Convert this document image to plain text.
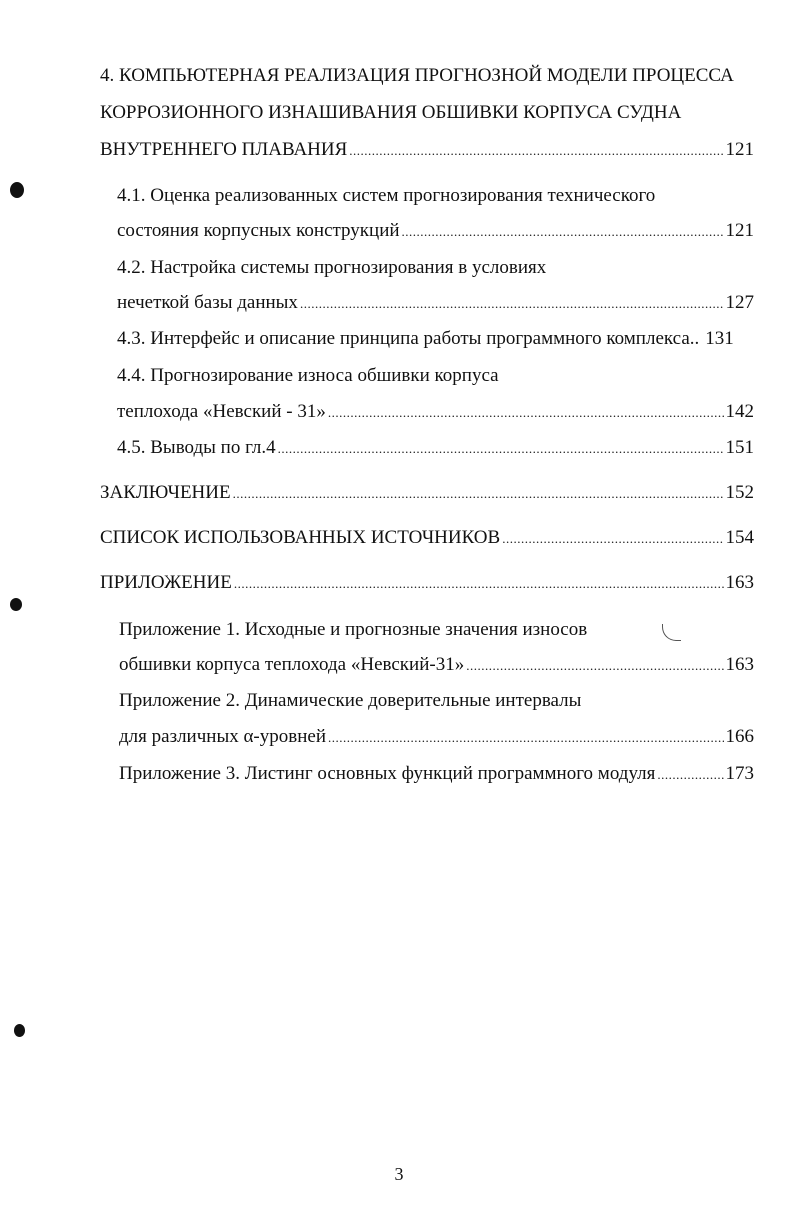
4. КОМПЬЮТЕРНАЯ РЕАЛИЗАЦИЯ ПРОГНОЗНОЙ МОДЕЛИ ПРОЦЕССА
КОРРОЗИОННОГО ИЗНАШИВАНИЯ ОБШИВКИ КОРПУСА СУДНА
ВНУТРЕННЕГО ПЛАВАНИЯ .....	121
4.1. Оценка реализованных систем прогнозирования технического
состояния корпусных конструкций .....	121
4.2. Настройка системы прогнозирования в условиях
нечеткой базы данных .....	127
4.3. Интерфейс и описание принципа работы программного комплекса.. 131
4.4. Прогнозирование износа обшивки корпуса
теплохода «Невский - 31» .....	142
4.5. Выводы по гл.4 .....	151
ЗАКЛЮЧЕНИЕ .....	152
СПИСОК ИСПОЛЬЗОВАННЫХ ИСТОЧНИКОВ .....	154
ПРИЛОЖЕНИЕ .....	163
Приложение 1. Исходные и прогнозные значения износов
обшивки корпуса теплохода «Невский-31» .....	163
Приложение 2. Динамические доверительные интервалы
для различных α-уровней .....	166
Приложение 3. Листинг основных функций программного модуля .....	173
3
